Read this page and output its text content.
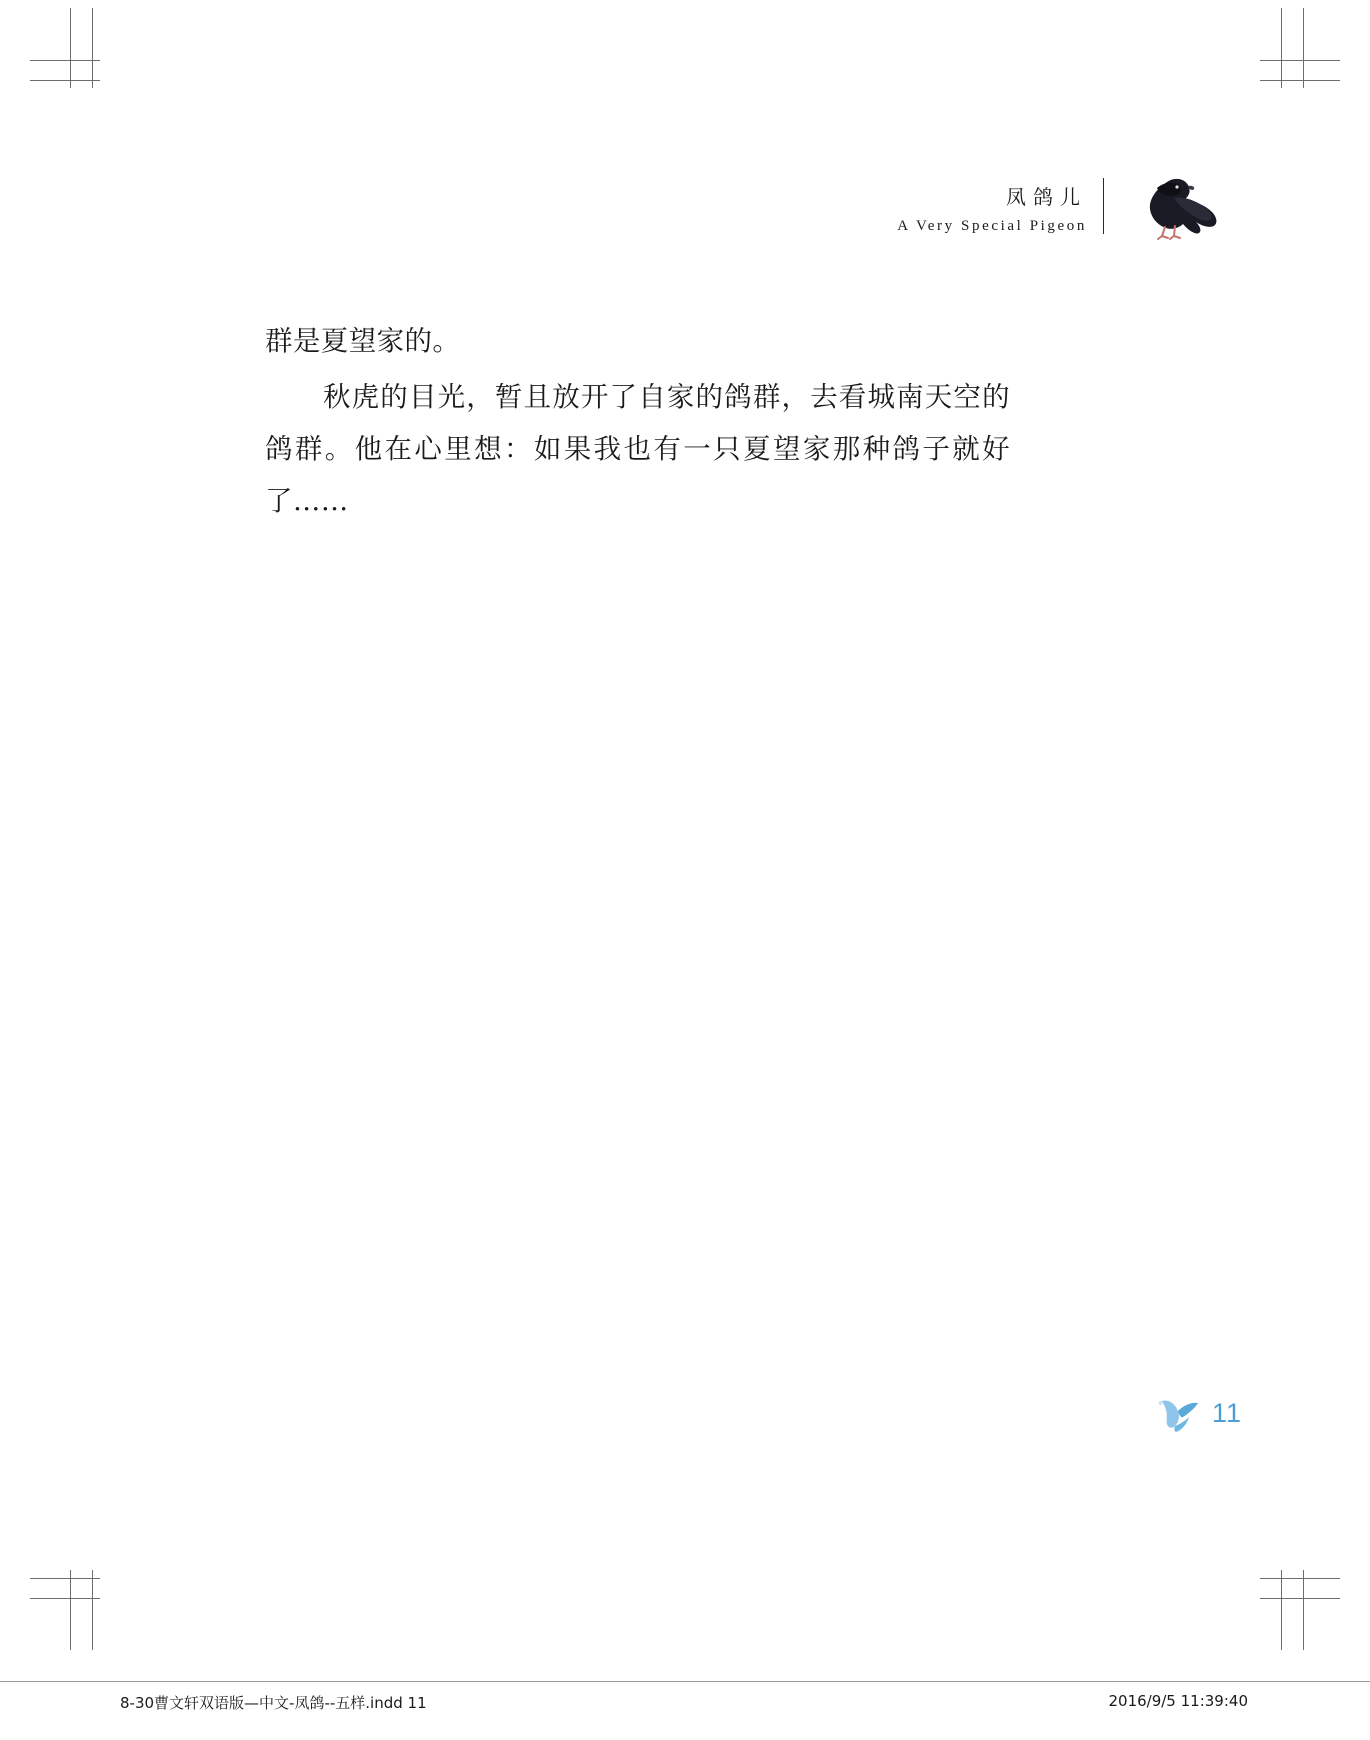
凤鸽儿
A Very Special Pigeon

群是夏望家的。

秋虎的目光，暂且放开了自家的鸽群，去看城南天空的鸽群。他在心里想：如果我也有一只夏望家那种鸽子就好了……

11
8-30曹文轩双语版—中文-凤鸽--五样.indd 11	2016/9/5 11:39:40
